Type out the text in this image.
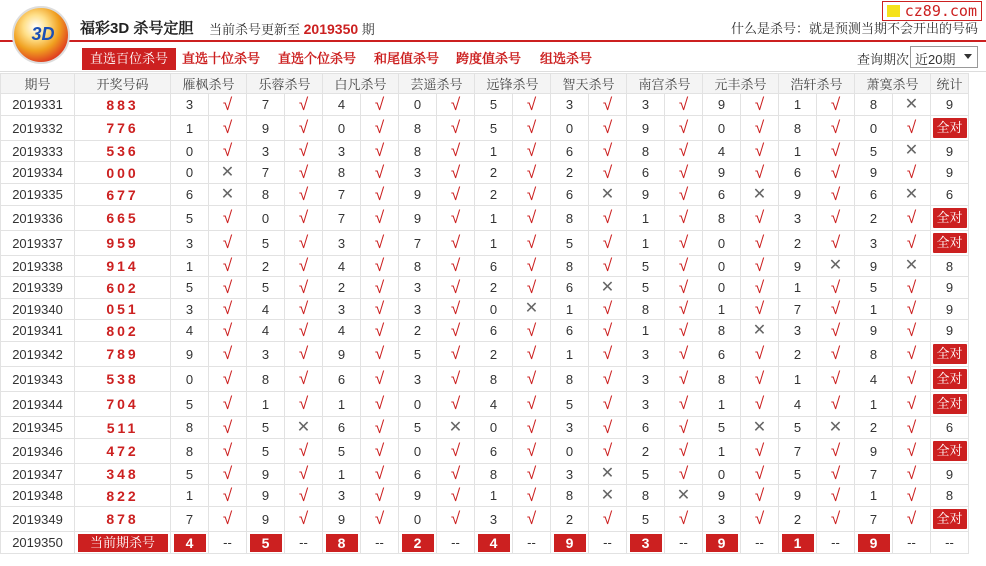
3D	福彩3D 杀号定胆 当前杀号更新至 2019350 期	什么是杀号：就是预测当期不会开出的号码
cz89.com
直选百位杀号	直选十位杀号 直选个位杀号 和尾值杀号 跨度值杀号 组选杀号	查询期次 近20期
期号	开奖号码	雁枫杀号		乐蓉杀号		白凡杀号		芸遥杀号		远锋杀号		智天杀号		南宫杀号		元丰杀号		浩轩杀号		萧寞杀号		统计
2019331	883	3	√	7	√	4	√	0	√	5	√	3	√	3	√	9	√	1	√	8	✕	9
2019332	776	1	√	9	√	0	√	8	√	5	√	0	√	9	√	0	√	8	√	0	√	全对
2019333	536	0	√	3	√	3	√	8	√	1	√	6	√	8	√	4	√	1	√	5	✕	9
2019334	000	0	✕	7	√	8	√	3	√	2	√	2	√	6	√	9	√	6	√	9	√	9
2019335	677	6	✕	8	√	7	√	9	√	2	√	6	✕	9	√	6	✕	9	√	6	✕	6
2019336	665	5	√	0	√	7	√	9	√	1	√	8	√	1	√	8	√	3	√	2	√	全对
2019337	959	3	√	5	√	3	√	7	√	1	√	5	√	1	√	0	√	2	√	3	√	全对
2019338	914	1	√	2	√	4	√	8	√	6	√	8	√	5	√	0	√	9	✕	9	✕	8
2019339	602	5	√	5	√	2	√	3	√	2	√	6	✕	5	√	0	√	1	√	5	√	9
2019340	051	3	√	4	√	3	√	3	√	0	✕	1	√	8	√	1	√	7	√	1	√	9
2019341	802	4	√	4	√	4	√	2	√	6	√	6	√	1	√	8	✕	3	√	9	√	9
2019342	789	9	√	3	√	9	√	5	√	2	√	1	√	3	√	6	√	2	√	8	√	全对
2019343	538	0	√	8	√	6	√	3	√	8	√	8	√	3	√	8	√	1	√	4	√	全对
2019344	704	5	√	1	√	1	√	0	√	4	√	5	√	3	√	1	√	4	√	1	√	全对
2019345	511	8	√	5	✕	6	√	5	✕	0	√	3	√	6	√	5	✕	5	✕	2	√	6
2019346	472	8	√	5	√	5	√	0	√	6	√	0	√	2	√	1	√	7	√	9	√	全对
2019347	348	5	√	9	√	1	√	6	√	8	√	3	✕	5	√	0	√	5	√	7	√	9
2019348	822	1	√	9	√	3	√	9	√	1	√	8	✕	8	✕	9	√	9	√	1	√	8
2019349	878	7	√	9	√	9	√	0	√	3	√	2	√	5	√	3	√	2	√	7	√	全对
2019350	当前期杀号	4	--	5	--	8	--	2	--	4	--	9	--	3	--	9	--	1	--	9	--	--
